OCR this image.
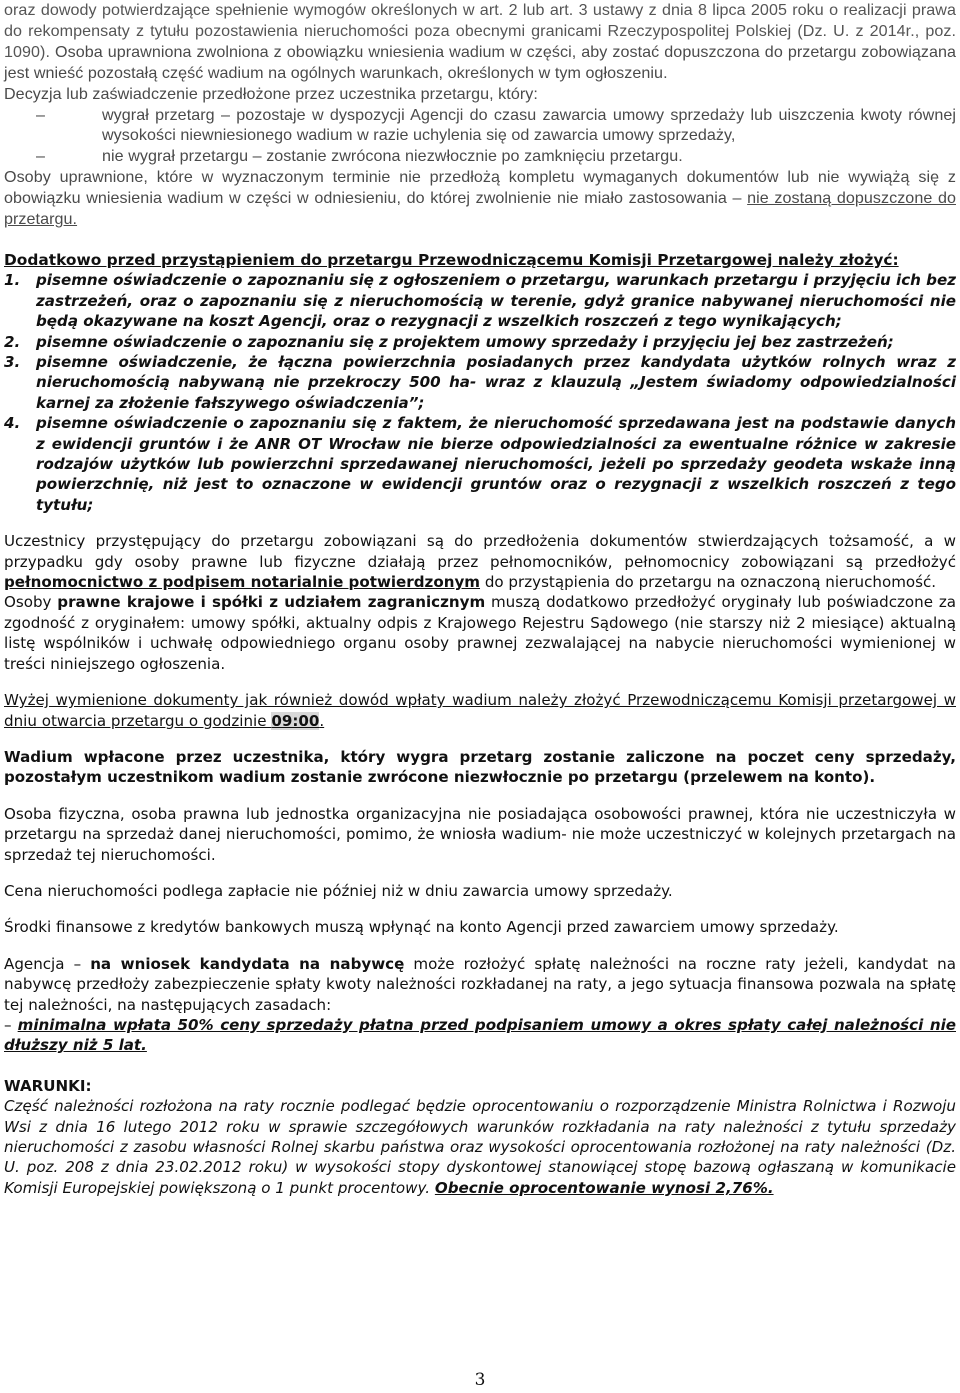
oraz dowody potwierdzające spełnienie wymogów określonych w art. 2 lub art. 3 ustawy z dnia 8 lipca 2005 roku o realizacji prawa do rekompensaty z tytułu pozostawienia nieruchomości poza obecnymi granicami Rzeczypospolitej Polskiej (Dz. U. z 2014r., poz. 1090). Osoba uprawniona zwolniona z obowiązku wniesienia wadium w części, aby zostać dopuszczona do przetargu zobowiązana jest wnieść pozostałą część wadium na ogólnych warunkach, określonych w tym ogłoszeniu.

Decyzja lub zaświadczenie przedłożone przez uczestnika przetargu, który:

– wygrał przetarg – pozostaje w dyspozycji Agencji do czasu zawarcia umowy sprzedaży lub uiszczenia kwoty równej wysokości niewniesionego wadium w razie uchylenia się od zawarcia umowy sprzedaży,
– nie wygrał przetargu – zostanie zwrócona niezwłocznie po zamknięciu przetargu.

Osoby uprawnione, które w wyznaczonym terminie nie przedłożą kompletu wymaganych dokumentów lub nie wywiążą się z obowiązku wniesienia wadium w części w odniesieniu, do której zwolnienie nie miało zastosowania – nie zostaną dopuszczone do przetargu.

Dodatkowo przed przystąpieniem do przetargu Przewodniczącemu Komisji Przetargowej należy złożyć:

1. pisemne oświadczenie o zapoznaniu się z ogłoszeniem o przetargu, warunkach przetargu i przyjęciu ich bez zastrzeżeń, oraz o zapoznaniu się z nieruchomością w terenie, gdyż granice nabywanej nieruchomości nie będą okazywane na koszt Agencji, oraz o rezygnacji z wszelkich roszczeń z tego wynikających;
2. pisemne oświadczenie o zapoznaniu się z projektem umowy sprzedaży i przyjęciu jej bez zastrzeżeń;
3. pisemne oświadczenie, że łączna powierzchnia posiadanych przez kandydata użytków rolnych wraz z nieruchomością nabywaną nie przekroczy 500 ha- wraz z klauzulą „Jestem świadomy odpowiedzialności karnej za złożenie fałszywego oświadczenia”;
4. pisemne oświadczenie o zapoznaniu się z faktem, że nieruchomość sprzedawana jest na podstawie danych z ewidencji gruntów i że ANR OT Wrocław nie bierze odpowiedzialności za ewentualne różnice w zakresie rodzajów użytków lub powierzchni sprzedawanej nieruchomości, jeżeli po sprzedaży geodeta wskaże inną powierzchnię, niż jest to oznaczone w ewidencji gruntów oraz o rezygnacji z wszelkich roszczeń z tego tytułu;

Uczestnicy przystępujący do przetargu zobowiązani są do przedłożenia dokumentów stwierdzających tożsamość, a w przypadku gdy osoby prawne lub fizyczne działają przez pełnomocników, pełnomocnicy zobowiązani są przedłożyć pełnomocnictwo z podpisem notarialnie potwierdzonym do przystąpienia do przetargu na oznaczoną nieruchomość.

Osoby prawne krajowe i spółki z udziałem zagranicznym muszą dodatkowo przedłożyć oryginały lub poświadczone za zgodność z oryginałem: umowy spółki, aktualny odpis z Krajowego Rejestru Sądowego (nie starszy niż 2 miesiące) aktualną listę wspólników i uchwałę odpowiedniego organu osoby prawnej zezwalającej na nabycie nieruchomości wymienionej w treści niniejszego ogłoszenia.

Wyżej wymienione dokumenty jak również dowód wpłaty wadium należy złożyć Przewodniczącemu Komisji przetargowej w dniu otwarcia przetargu o godzinie 09:00.

Wadium wpłacone przez uczestnika, który wygra przetarg zostanie zaliczone na poczet ceny sprzedaży, pozostałym uczestnikom wadium zostanie zwrócone niezwłocznie po przetargu (przelewem na konto).

Osoba fizyczna, osoba prawna lub jednostka organizacyjna nie posiadająca osobowości prawnej, która nie uczestniczyła w przetargu na sprzedaż danej nieruchomości, pomimo, że wniosła wadium- nie może uczestniczyć w kolejnych przetargach na sprzedaż tej nieruchomości.

Cena nieruchomości podlega zapłacie nie później niż w dniu zawarcia umowy sprzedaży.

Środki finansowe z kredytów bankowych muszą wpłynąć na konto Agencji przed zawarciem umowy sprzedaży.

Agencja – na wniosek kandydata na nabywcę może rozłożyć spłatę należności na roczne raty jeżeli, kandydat na nabywcę przedłoży zabezpieczenie spłaty kwoty należności rozkładanej na raty, a jego sytuacja finansowa pozwala na spłatę tej należności, na następujących zasadach:

– minimalna wpłata 50% ceny sprzedaży płatna przed podpisaniem umowy a okres spłaty całej należności nie dłuższy niż 5 lat.

WARUNKI:

Część należności rozłożona na raty rocznie podlegać będzie oprocentowaniu o rozporządzenie Ministra Rolnictwa i Rozwoju Wsi z dnia 16 lutego 2012 roku w sprawie szczegółowych warunków rozkładania na raty należności z tytułu sprzedaży nieruchomości z zasobu własności Rolnej skarbu państwa oraz wysokości oprocentowania rozłożonej na raty należności (Dz. U. poz. 208 z dnia 23.02.2012 roku) w wysokości stopy dyskontowej stanowiącej stopę bazową ogłaszaną w komunikacie Komisji Europejskiej powiększoną o 1 punkt procentowy. Obecnie oprocentowanie wynosi 2,76%.

3
